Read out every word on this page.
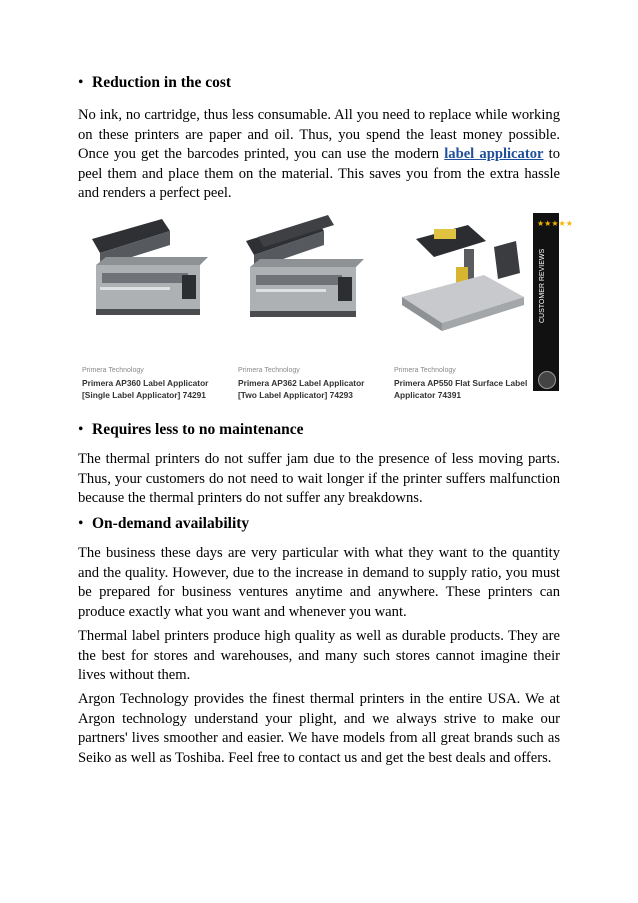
• Reduction in the cost
No ink, no cartridge, thus less consumable. All you need to replace while working on these printers are paper and oil. Thus, you spend the least money possible. Once you get the barcodes printed, you can use the modern label applicator to peel them and place them on the material. This saves you from the extra hassle and renders a perfect peel.
Primera Technology
Primera AP360 Label Applicator
[Single Label Applicator] 74291
Primera Technology
Primera AP362 Label Applicator
[Two Label Applicator] 74293
Primera Technology
Primera AP550 Flat Surface Label
Applicator 74391
★★★★★
CUSTOMER REVIEWS
• Requires less to no maintenance
The thermal printers do not suffer jam due to the presence of less moving parts. Thus, your customers do not need to wait longer if the printer suffers malfunction because the thermal printers do not suffer any breakdowns.
• On-demand availability
The business these days are very particular with what they want to the quantity and the quality. However, due to the increase in demand to supply ratio, you must be prepared for business ventures anytime and anywhere. These printers can produce exactly what you want and whenever you want.
Thermal label printers produce high quality as well as durable products. They are the best for stores and warehouses, and many such stores cannot imagine their lives without them.
Argon Technology provides the finest thermal printers in the entire USA. We at Argon technology understand your plight, and we always strive to make our partners' lives smoother and easier. We have models from all great brands such as Seiko as well as Toshiba. Feel free to contact us and get the best deals and offers.
